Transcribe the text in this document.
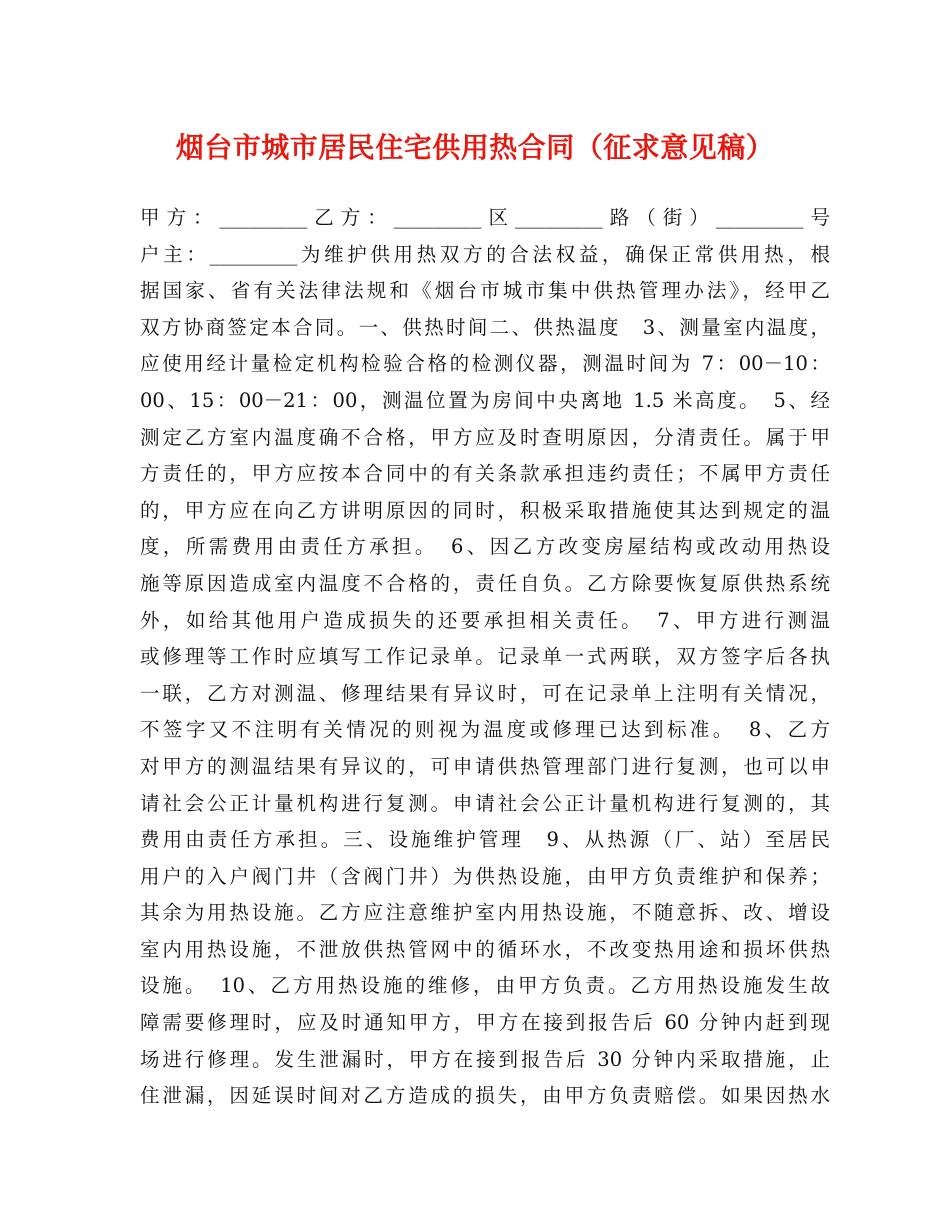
烟台市城市居民住宅供用热合同（征求意见稿）
甲方：_________乙方：_________区_________路（街）_________号
户主：_________为维护供用热双方的合法权益，确保正常供用热，根
据国家、省有关法律法规和《烟台市城市集中供热管理办法》，经甲乙
双方协商签定本合同。一、供热时间二、供热温度　3、测量室内温度，
应使用经计量检定机构检验合格的检测仪器，测温时间为 7：00－10：
00、15：00－21：00，测温位置为房间中央离地 1.5 米高度。　5、经
测定乙方室内温度确不合格，甲方应及时查明原因，分清责任。属于甲
方责任的，甲方应按本合同中的有关条款承担违约责任；不属甲方责任
的，甲方应在向乙方讲明原因的同时，积极采取措施使其达到规定的温
度，所需费用由责任方承担。　6、因乙方改变房屋结构或改动用热设
施等原因造成室内温度不合格的，责任自负。乙方除要恢复原供热系统
外，如给其他用户造成损失的还要承担相关责任。　7、甲方进行测温
或修理等工作时应填写工作记录单。记录单一式两联，双方签字后各执
一联，乙方对测温、修理结果有异议时，可在记录单上注明有关情况，
不签字又不注明有关情况的则视为温度或修理已达到标准。　8、乙方
对甲方的测温结果有异议的，可申请供热管理部门进行复测，也可以申
请社会公正计量机构进行复测。申请社会公正计量机构进行复测的，其
费用由责任方承担。三、设施维护管理　9、从热源（厂、站）至居民
用户的入户阀门井（含阀门井）为供热设施，由甲方负责维护和保养；
其余为用热设施。乙方应注意维护室内用热设施，不随意拆、改、增设
室内用热设施，不泄放供热管网中的循环水，不改变热用途和损坏供热
设施。　10、乙方用热设施的维修，由甲方负责。乙方用热设施发生故
障需要修理时，应及时通知甲方，甲方在接到报告后 60 分钟内赶到现
场进行修理。发生泄漏时，甲方在接到报告后 30 分钟内采取措施，止
住泄漏，因延误时间对乙方造成的损失，由甲方负责赔偿。如果因热水
